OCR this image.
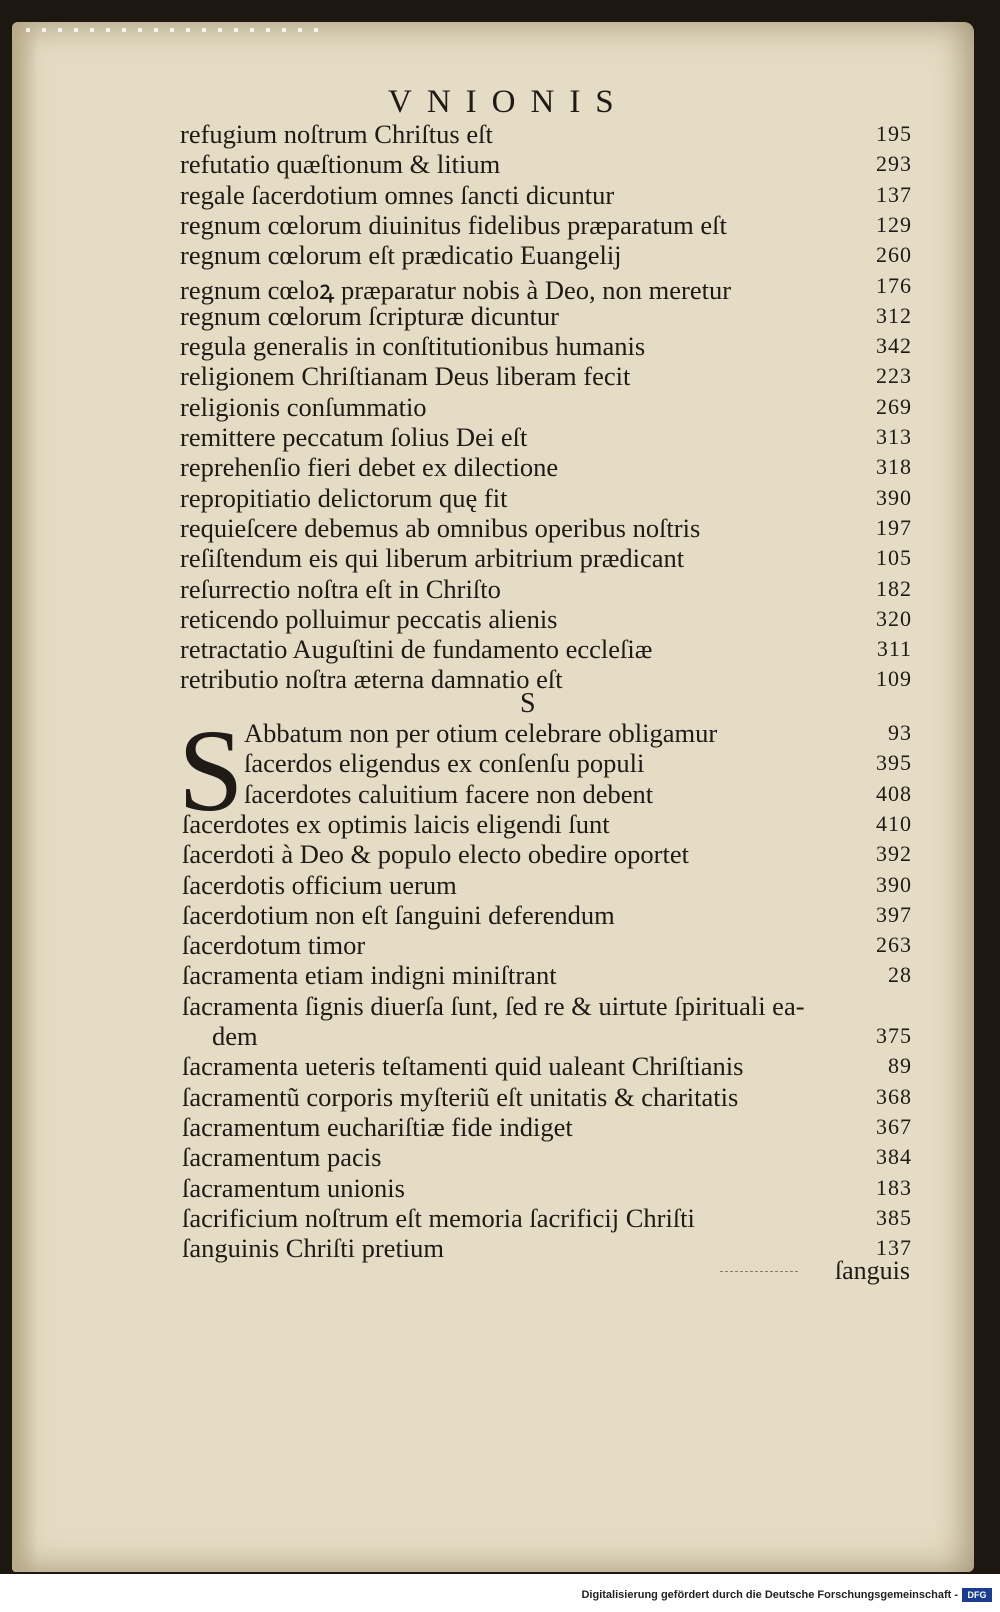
VNIONIS
refugium noſtrum Chriſtus eſt	195
refutatio quæſtionum & litium	293
regale ſacerdotium omnes ſancti dicuntur	137
regnum cœlorum diuinitus fidelibus præparatum eſt	129
regnum cœlorum eſt prædicatio Euangelij	260
regnum cœloꝝ præparatur nobis à Deo, non meretur	176
regnum cœlorum ſcripturæ dicuntur	312
regula generalis in conſtitutionibus humanis	342
religionem Chriſtianam Deus liberam fecit	223
religionis conſummatio	269
remittere peccatum ſolius Dei eſt	313
reprehenſio fieri debet ex dilectione	318
repropitiatio delictorum quę fit	390
requieſcere debemus ab omnibus operibus noſtris	197
reſiſtendum eis qui liberum arbitrium prædicant	105
reſurrectio noſtra eſt in Chriſto	182
reticendo polluimur peccatis alienis	320
retractatio Auguſtini de fundamento eccleſiæ	311
retributio noſtra æterna damnatio eſt	109
S
S Abbatum non per otium celebrare obligamur	93
ſacerdos eligendus ex conſenſu populi	395
ſacerdotes caluitium facere non debent	408
ſacerdotes ex optimis laicis eligendi ſunt	410
ſacerdoti à Deo & populo electo obedire oportet	392
ſacerdotis officium uerum	390
ſacerdotium non eſt ſanguini deferendum	397
ſacerdotum timor	263
ſacramenta etiam indigni miniſtrant	28
ſacramenta ſignis diuerſa ſunt, ſed re & uirtute ſpirituali ea-
dem	375
ſacramenta ueteris teſtamenti quid ualeant Chriſtianis	89
ſacramentũ corporis myſteriũ eſt unitatis & charitatis	368
ſacramentum euchariſtiæ fide indiget	367
ſacramentum pacis	384
ſacramentum unionis	183
ſacrificium noſtrum eſt memoria ſacrificij Chriſti	385
ſanguinis Chriſti pretium	137
ſanguis
Digitalisierung gefördert durch die Deutsche Forschungsgemeinschaft -	DFG
